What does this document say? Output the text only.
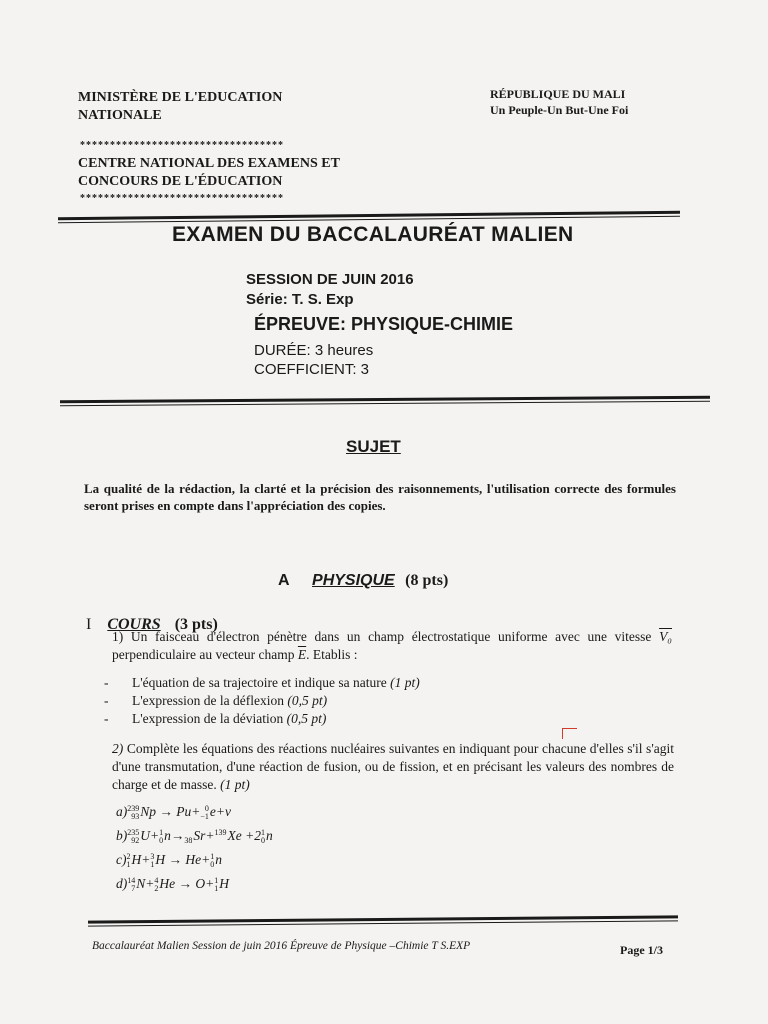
MINISTÈRE DE L'EDUCATION NATIONALE
**********************************
CENTRE NATIONAL DES EXAMENS ET CONCOURS DE L'ÉDUCATION
**********************************
RÉPUBLIQUE DU MALI
Un Peuple-Un But-Une Foi
EXAMEN DU BACCALAURÉAT MALIEN
SESSION DE JUIN 2016
Série: T. S. Exp
ÉPREUVE: PHYSIQUE-CHIMIE
DURÉE: 3 heures
COEFFICIENT: 3
SUJET
La qualité de la rédaction, la clarté et la précision des raisonnements, l'utilisation correcte des formules seront prises en compte dans l'appréciation des copies.
A PHYSIQUE (8 pts)
I COURS (3 pts)
1) Un faisceau d'électron pénètre dans un champ électrostatique uniforme avec une vitesse V₀ perpendiculaire au vecteur champ $\overline{E}$. Etablis :
-	L'équation de sa trajectoire et indique sa nature (1 pt)
-	L'expression de la déflexion (0,5 pt)
-	L'expression de la déviation (0,5 pt)
2) Complète les équations des réactions nucléaires suivantes en indiquant pour chacune d'elles s'il s'agit d'une transmutation, d'une réaction de fusion, ou de fission, et en précisant les valeurs des nombres de charge et de masse. (1 pt)
a) 239
93 Np → Pu+ 0
−1 e+ν
b) 235
92 U+ 1
0 n→
38 Sr+ 139
Xe +2 1
0 n
c) 2
1 H+ 3
1 H → He+ 1
0 n
d) 14
7 N+ 4
2 He → O+ 1
1 H
Baccalauréat Malien Session de juin 2016 Épreuve de Physique –Chimie T S.EXP	Page 1/3
